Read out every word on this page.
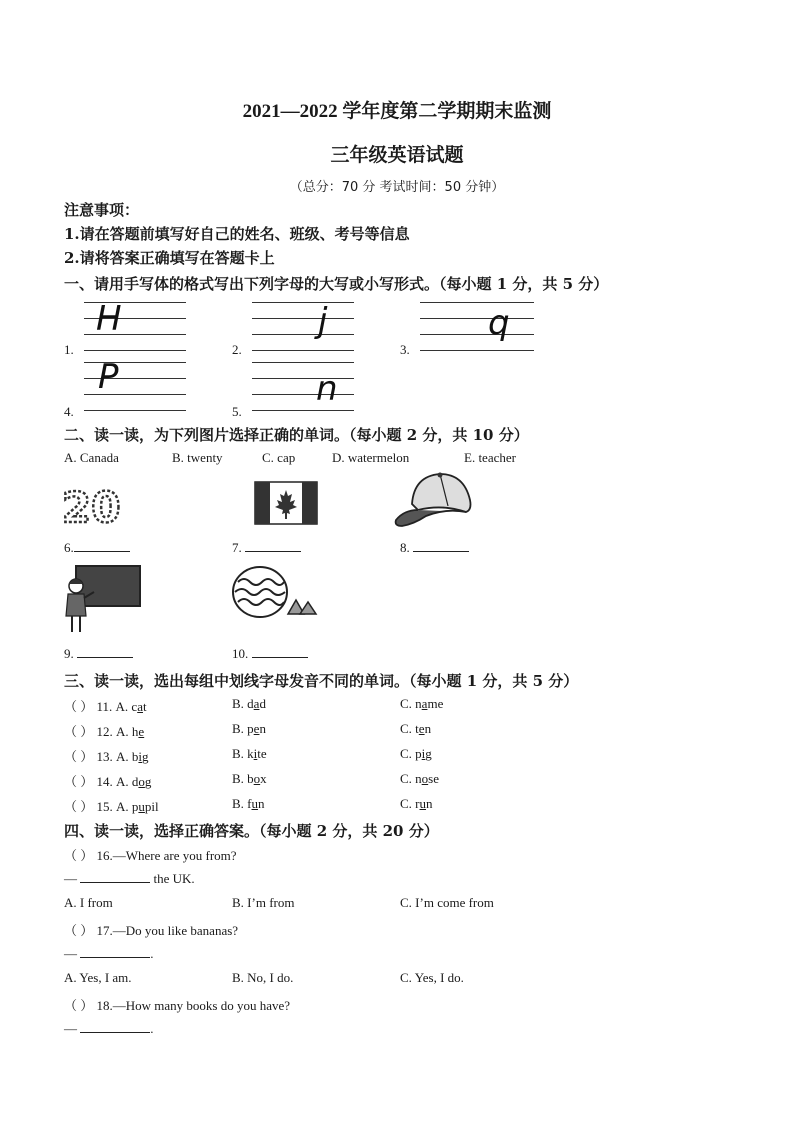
2021—2022 学年度第二学期期末监测
三年级英语试题
（总分：70 分 考试时间：50 分钟）
注意事项：
1.请在答题前填写好自己的姓名、班级、考号等信息
2.请将答案正确填写在答题卡上
一、请用手写体的格式写出下列字母的大写或小写形式。（每小题 1 分，共 5 分）
1.
H
2.
j
3.
q
4.
P
5.
n
二、读一读，为下列图片选择正确的单词。（每小题 2 分，共 10 分）
A. Canada	B. twenty	C. cap	D. watermelon	E. teacher
20
6.	7.	8.
9.	10.
三、读一读，选出每组中划线字母发音不同的单词。（每小题 1 分，共 5 分）
（ ） 11. A. cat	B. dad	C. name
（ ） 12. A. he	B. pen	C. ten
（ ） 13. A. big	B. kite	C. pig
（ ） 14. A. dog	B. box	C. nose
（ ） 15. A. pupil	B. fun	C. run
四、读一读，选择正确答案。（每小题 2 分，共 20 分）
（ ） 16.—Where are you from?
—	the UK.
A. I from	B. I’m from	C. I’m come from
（ ） 17.—Do you like bananas?
—	.
A. Yes, I am.	B. No, I do.	C. Yes, I do.
（ ） 18.—How many books do you have?
—	.
